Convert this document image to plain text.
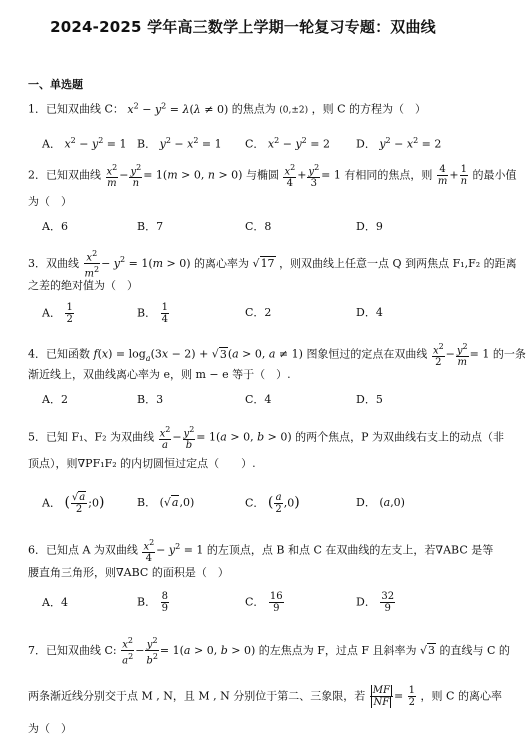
2024-2025 学年高三数学上学期一轮复习专题：双曲线
一、单选题
1．已知双曲线 C： $x^2 - y^2 = \lambda(\lambda \ne 0)$ 的焦点为 (0,±2) ，则 C 的方程为（　）
A． $x^2 - y^2 = 1$ B． $y^2 - x^2 = 1$ C． $x^2 - y^2 = 2$ D． $y^2 - x^2 = 2$
2．已知双曲线 $\frac{x^2}{m} - \frac{y^2}{n} = 1(m > 0$, n > 0) 与椭圆 $\frac{x^2}{4} + \frac{y^2}{3} = 1$ 有相同的焦点，则 $\frac{4}{m} + \frac{1}{n}$ 的最小值
为（　）
A．6	B．7	C．8	D．9
3．双曲线 $\frac{x^2}{m^2} - y^2 = 1(m > 0)$ 的离心率为 √17 ，则双曲线上任意一点 Q 到两焦点 F₁,F₂ 的距离
之差的绝对值为（　）
A． $\frac{1}{2}$	B． $\frac{1}{4}$	C．2	D．4
4．已知函数 $f(x) = \log_a(3x - 2) + √3(a > 0$, a ≠ 1) 图象恒过的定点在双曲线 $\frac{x^2}{2} - \frac{y^2}{m} = 1$ 的一条
渐近线上，双曲线离心率为 e，则 m − e 等于（　）.
A．2	B．3	C．4	D．5
5．已知 F₁、F₂ 为双曲线 $\frac{x^2}{a} - \frac{y^2}{b} = 1(a > 0$, b > 0) 的两个焦点，P 为双曲线右支上的动点（非
顶点），则∇PF₁F₂ 的内切圆恒过定点（　　）.
A． ( $\frac{√a}{2}$ ;0)	B． (√a,0)	C． ( $\frac{a}{2} ,0$)	D． (a,0)
6．已知点 A 为双曲线 $\frac{x^2}{4} - y^2 = 1$ 的左顶点，点 B 和点 C 在双曲线的左支上，若∇ABC 是等
腰直角三角形，则∇ABC 的面积是（　）
A．4	B． $\frac{8}{9}$	C． $\frac{16}{9}$	D． $\frac{32}{9}$
7．已知双曲线 C: $\frac{x^2}{a^2} - \frac{y^2}{b^2} = 1(a > 0$, b > 0) 的左焦点为 F，过点 F 且斜率为 √3 的直线与 C 的
两条渐近线分别交于点 M , N，且 M , N 分别位于第二、三象限，若 $\frac{MF}{NF} = \frac{1}{2}$ ，则 C 的离心率
为（　）
